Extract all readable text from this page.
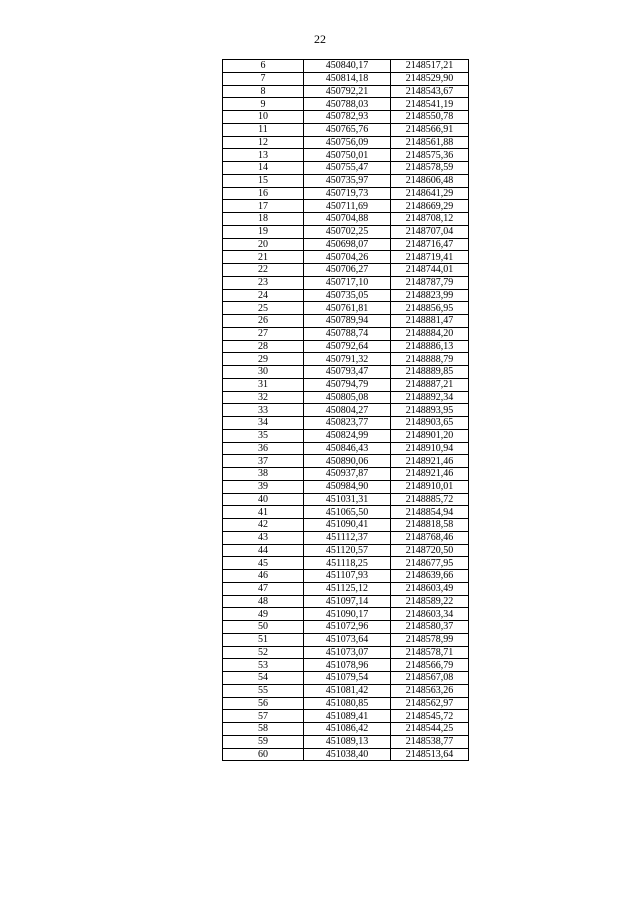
22
6	450840,17	2148517,21
7	450814,18	2148529,90
8	450792,21	2148543,67
9	450788,03	2148541,19
10	450782,93	2148550,78
11	450765,76	2148566,91
12	450756,09	2148561,88
13	450750,01	2148575,36
14	450755,47	2148578,59
15	450735,97	2148606,48
16	450719,73	2148641,29
17	450711,69	2148669,29
18	450704,88	2148708,12
19	450702,25	2148707,04
20	450698,07	2148716,47
21	450704,26	2148719,41
22	450706,27	2148744,01
23	450717,10	2148787,79
24	450735,05	2148823,99
25	450761,81	2148856,95
26	450789,94	2148881,47
27	450788,74	2148884,20
28	450792,64	2148886,13
29	450791,32	2148888,79
30	450793,47	2148889,85
31	450794,79	2148887,21
32	450805,08	2148892,34
33	450804,27	2148893,95
34	450823,77	2148903,65
35	450824,99	2148901,20
36	450846,43	2148910,94
37	450890,06	2148921,46
38	450937,87	2148921,46
39	450984,90	2148910,01
40	451031,31	2148885,72
41	451065,50	2148854,94
42	451090,41	2148818,58
43	451112,37	2148768,46
44	451120,57	2148720,50
45	451118,25	2148677,95
46	451107,93	2148639,66
47	451125,12	2148603,49
48	451097,14	2148589,22
49	451090,17	2148603,34
50	451072,96	2148580,37
51	451073,64	2148578,99
52	451073,07	2148578,71
53	451078,96	2148566,79
54	451079,54	2148567,08
55	451081,42	2148563,26
56	451080,85	2148562,97
57	451089,41	2148545,72
58	451086,42	2148544,25
59	451089,13	2148538,77
60	451038,40	2148513,64
